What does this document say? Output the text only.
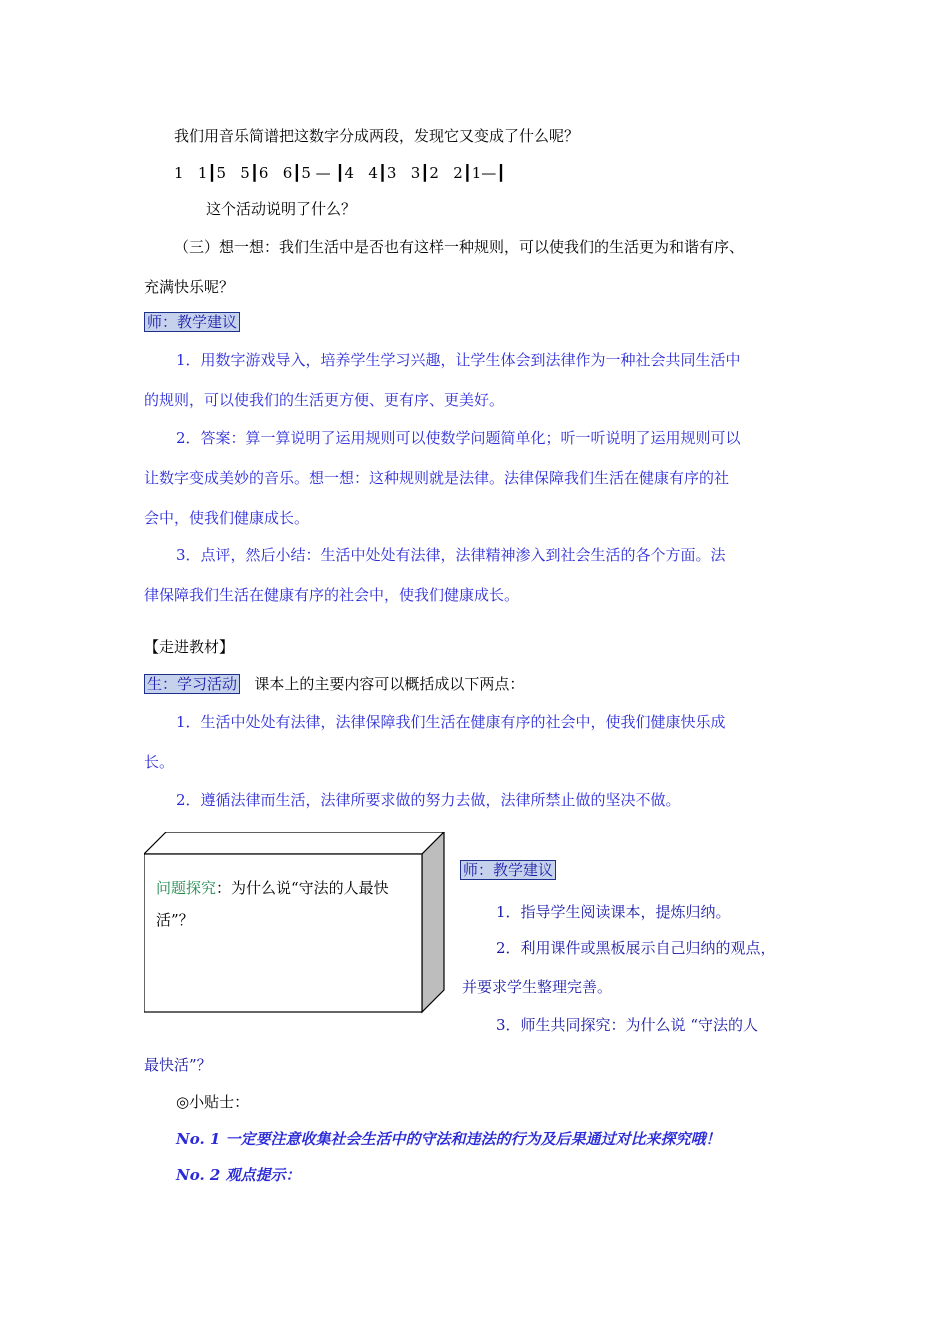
我们用音乐简谱把这数字分成两段，发现它又变成了什么呢？
1 1┃5 5┃6 6┃5 — ┃4 4┃3 3┃2 2┃1—┃
这个活动说明了什么？
（三）想一想：我们生活中是否也有这样一种规则，可以使我们的生活更为和谐有序、
充满快乐呢？
师：教学建议
1．用数字游戏导入，培养学生学习兴趣，让学生体会到法律作为一种社会共同生活中
的规则，可以使我们的生活更方便、更有序、更美好。
2．答案：算一算说明了运用规则可以使数学问题简单化；听一听说明了运用规则可以
让数字变成美妙的音乐。想一想：这种规则就是法律。法律保障我们生活在健康有序的社
会中，使我们健康成长。
3．点评，然后小结：生活中处处有法律，法律精神渗入到社会生活的各个方面。法
律保障我们生活在健康有序的社会中，使我们健康成长。
【走进教材】
生：学习活动 课本上的主要内容可以概括成以下两点：
1．生活中处处有法律，法律保障我们生活在健康有序的社会中，使我们健康快乐成
长。
2．遵循法律而生活，法律所要求做的努力去做，法律所禁止做的坚决不做。
问题探究：为什么说“守法的人最快活”？
师：教学建议
1．指导学生阅读课本，提炼归纳。
2．利用课件或黑板展示自己归纳的观点，
并要求学生整理完善。
3．师生共同探究：为什么说 “守法的人
最快活”？
◎小贴士：
No. 1 一定要注意收集社会生活中的守法和违法的行为及后果通过对比来探究哦！
No. 2 观点提示：
